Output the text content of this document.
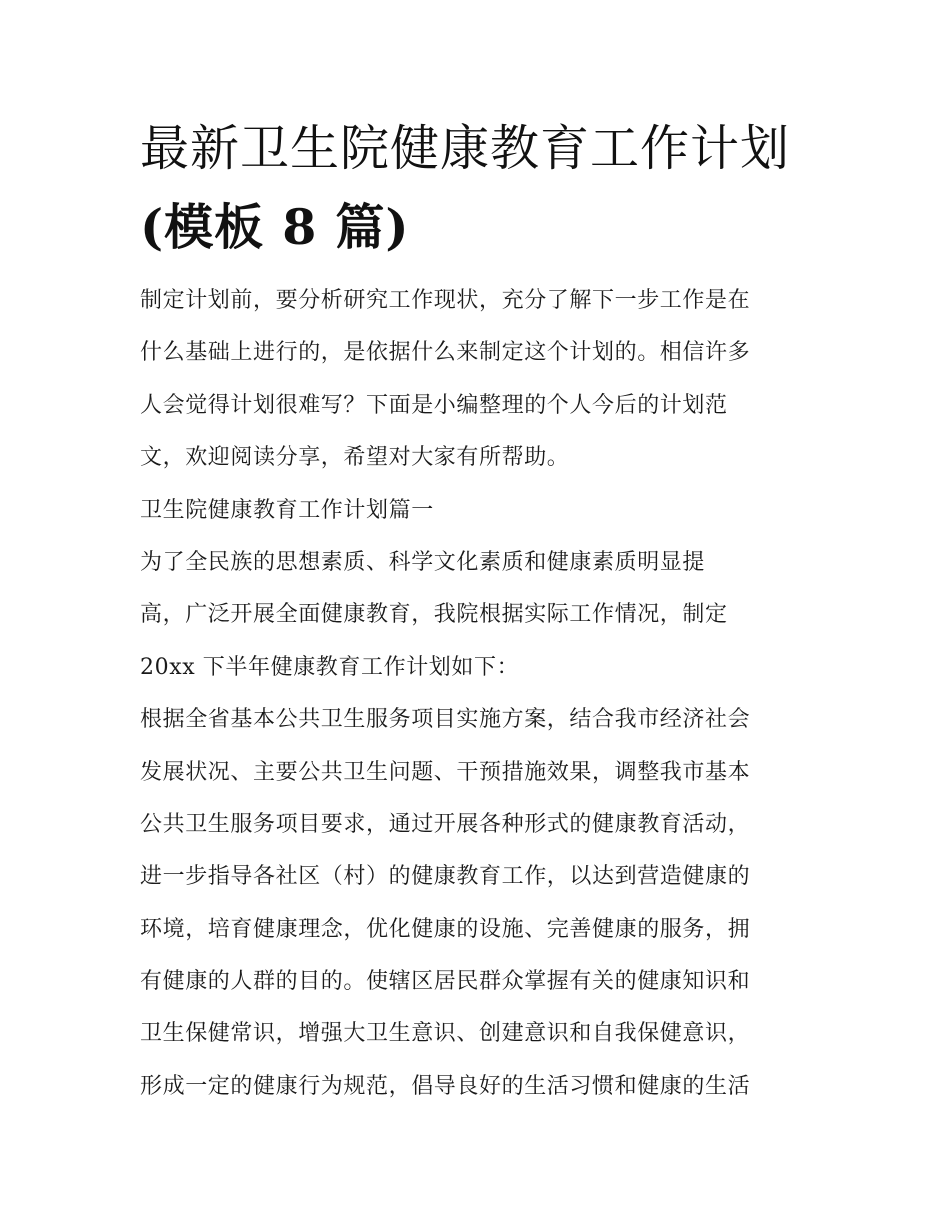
最新卫生院健康教育工作计划
(模板 8 篇)
制定计划前，要分析研究工作现状，充分了解下一步工作是在
什么基础上进行的，是依据什么来制定这个计划的。相信许多
人会觉得计划很难写？下面是小编整理的个人今后的计划范
文，欢迎阅读分享，希望对大家有所帮助。
卫生院健康教育工作计划篇一
为了全民族的思想素质、科学文化素质和健康素质明显提
高，广泛开展全面健康教育，我院根据实际工作情况，制定
20xx 下半年健康教育工作计划如下：
根据全省基本公共卫生服务项目实施方案，结合我市经济社会
发展状况、主要公共卫生问题、干预措施效果，调整我市基本
公共卫生服务项目要求，通过开展各种形式的健康教育活动，
进一步指导各社区（村）的健康教育工作，以达到营造健康的
环境，培育健康理念，优化健康的设施、完善健康的服务，拥
有健康的人群的目的。使辖区居民群众掌握有关的健康知识和
卫生保健常识，增强大卫生意识、创建意识和自我保健意识，
形成一定的健康行为规范，倡导良好的生活习惯和健康的生活
